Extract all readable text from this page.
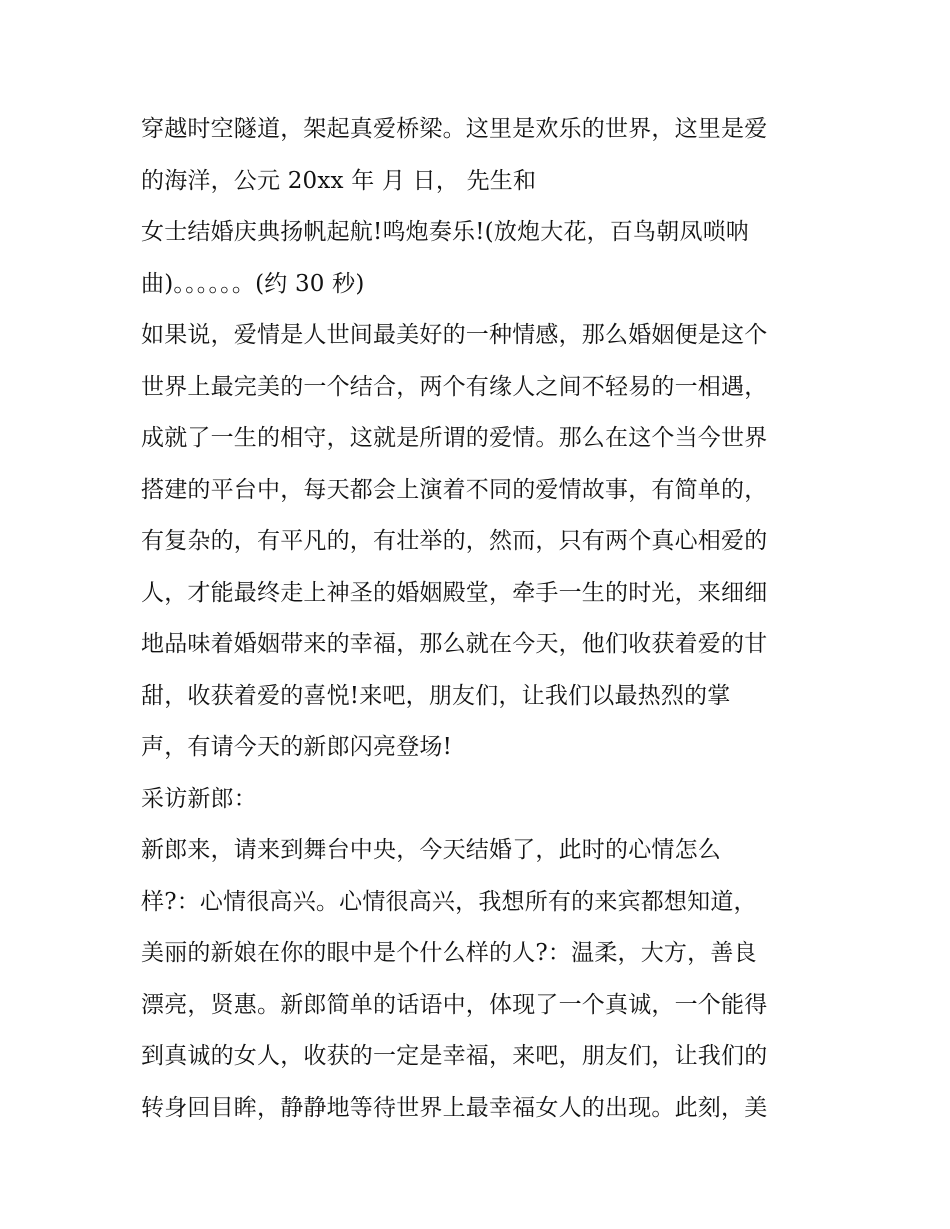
穿越时空隧道，架起真爱桥梁。这里是欢乐的世界，这里是爱
的海洋，公元 20xx 年 月 日， 先生和
女士结婚庆典扬帆起航!鸣炮奏乐!(放炮大花，百鸟朝凤唢呐
曲)。。。。。。(约 30 秒)
如果说，爱情是人世间最美好的一种情感，那么婚姻便是这个
世界上最完美的一个结合，两个有缘人之间不轻易的一相遇，
成就了一生的相守，这就是所谓的爱情。那么在这个当今世界
搭建的平台中，每天都会上演着不同的爱情故事，有简单的，
有复杂的，有平凡的，有壮举的，然而，只有两个真心相爱的
人，才能最终走上神圣的婚姻殿堂，牵手一生的时光，来细细
地品味着婚姻带来的幸福，那么就在今天，他们收获着爱的甘
甜，收获着爱的喜悦!来吧，朋友们，让我们以最热烈的掌
声，有请今天的新郎闪亮登场!
采访新郎：
新郎来，请来到舞台中央，今天结婚了，此时的心情怎么
样?：心情很高兴。心情很高兴，我想所有的来宾都想知道，
美丽的新娘在你的眼中是个什么样的人?：温柔，大方，善良
漂亮，贤惠。新郎简单的话语中，体现了一个真诚，一个能得
到真诚的女人，收获的一定是幸福，来吧，朋友们，让我们的
转身回目眸，静静地等待世界上最幸福女人的出现。此刻，美
